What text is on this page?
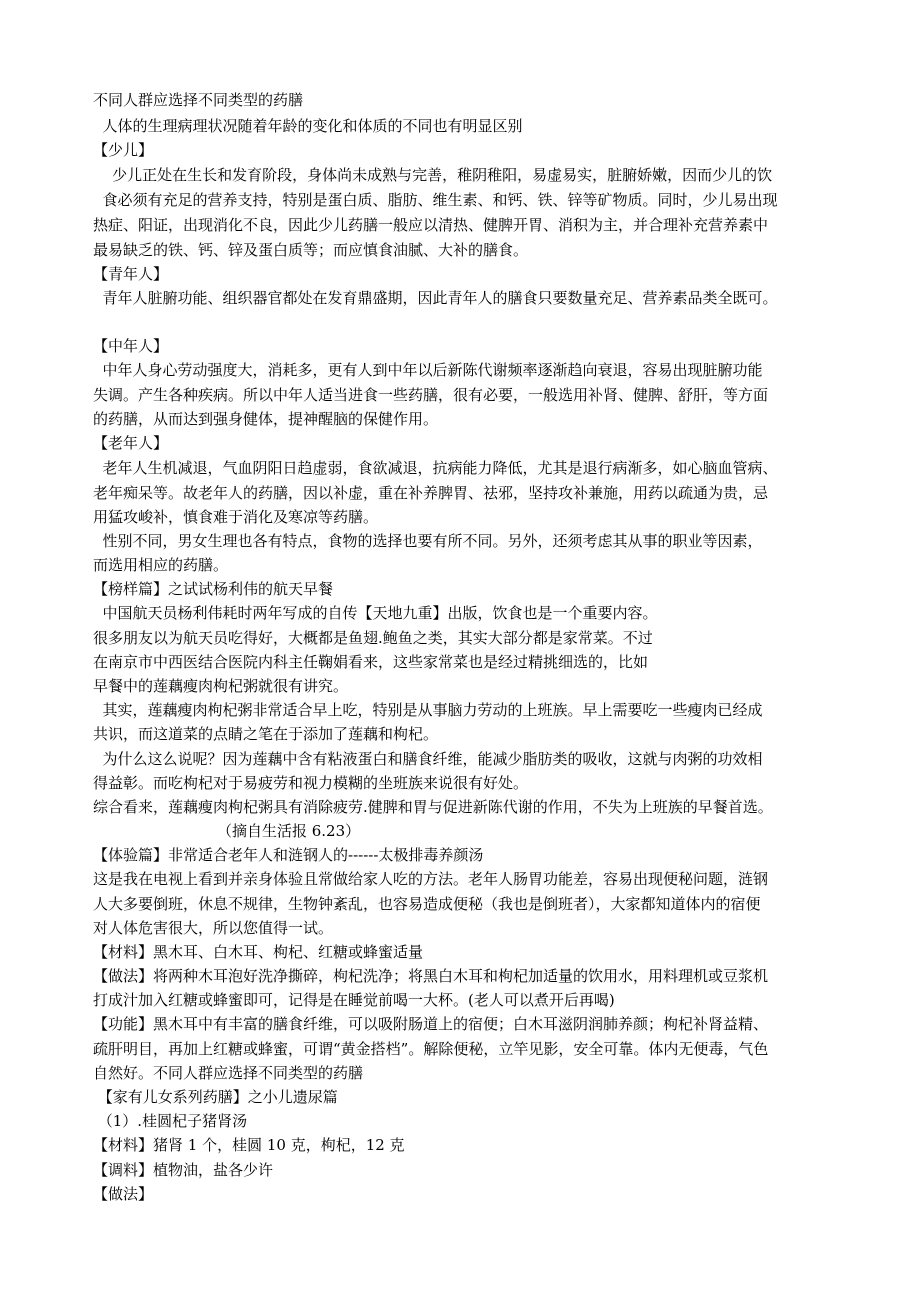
不同人群应选择不同类型的药膳
人体的生理病理状况随着年龄的变化和体质的不同也有明显区别
【少儿】
少儿正处在生长和发育阶段，身体尚未成熟与完善，稚阴稚阳，易虚易实，脏腑娇嫩，因而少儿的饮
食必须有充足的营养支持，特别是蛋白质、脂肪、维生素、和钙、铁、锌等矿物质。同时，少儿易出现
热症、阳证，出现消化不良，因此少儿药膳一般应以清热、健脾开胃、消积为主，并合理补充营养素中
最易缺乏的铁、钙、锌及蛋白质等；而应慎食油腻、大补的膳食。
【青年人】
青年人脏腑功能、组织器官都处在发育鼎盛期，因此青年人的膳食只要数量充足、营养素品类全既可。
【中年人】
中年人身心劳动强度大，消耗多，更有人到中年以后新陈代谢频率逐渐趋向衰退，容易出现脏腑功能
失调。产生各种疾病。所以中年人适当进食一些药膳，很有必要，一般选用补肾、健脾、舒肝，等方面
的药膳，从而达到强身健体，提神醒脑的保健作用。
【老年人】
老年人生机减退，气血阴阳日趋虚弱，食欲减退，抗病能力降低，尤其是退行病渐多，如心脑血管病、
老年痴呆等。故老年人的药膳，因以补虚，重在补养脾胃、祛邪，坚持攻补兼施，用药以疏通为贵，忌
用猛攻峻补，慎食难于消化及寒凉等药膳。
性别不同，男女生理也各有特点，食物的选择也要有所不同。另外，还须考虑其从事的职业等因素，
而选用相应的药膳。
【榜样篇】之试试杨利伟的航天早餐
中国航天员杨利伟耗时两年写成的自传【天地九重】出版，饮食也是一个重要内容。
很多朋友以为航天员吃得好，大概都是鱼翅.鲍鱼之类，其实大部分都是家常菜。不过
在南京市中西医结合医院内科主任鞠娟看来，这些家常菜也是经过精挑细选的，比如
早餐中的莲藕瘦肉枸杞粥就很有讲究。
其实，莲藕瘦肉枸杞粥非常适合早上吃，特别是从事脑力劳动的上班族。早上需要吃一些瘦肉已经成
共识，而这道菜的点睛之笔在于添加了莲藕和枸杞。
为什么这么说呢？因为莲藕中含有粘液蛋白和膳食纤维，能减少脂肪类的吸收，这就与肉粥的功效相
得益彰。而吃枸杞对于易疲劳和视力模糊的坐班族来说很有好处。
综合看来，莲藕瘦肉枸杞粥具有消除疲劳.健脾和胃与促进新陈代谢的作用，不失为上班族的早餐首选。
（摘自生活报 6.23）
【体验篇】非常适合老年人和涟钢人的------太极排毒养颜汤
这是我在电视上看到并亲身体验且常做给家人吃的方法。老年人肠胃功能差，容易出现便秘问题，涟钢
人大多要倒班，休息不规律，生物钟紊乱，也容易造成便秘（我也是倒班者），大家都知道体内的宿便
对人体危害很大，所以您值得一试。
【材料】黑木耳、白木耳、枸杞、红糖或蜂蜜适量
【做法】将两种木耳泡好洗净撕碎，枸杞洗净；将黑白木耳和枸杞加适量的饮用水，用料理机或豆浆机
打成汁加入红糖或蜂蜜即可，记得是在睡觉前喝一大杯。(老人可以煮开后再喝)
【功能】黑木耳中有丰富的膳食纤维，可以吸附肠道上的宿便；白木耳滋阴润肺养颜；枸杞补肾益精、
疏肝明目，再加上红糖或蜂蜜，可谓“黄金搭档”。解除便秘，立竿见影，安全可靠。体内无便毒，气色
自然好。不同人群应选择不同类型的药膳
【家有儿女系列药膳】之小儿遗尿篇
（1）.桂圆杞子猪肾汤
【材料】猪肾 1 个，桂圆 10 克，枸杞，12 克
【调料】植物油，盐各少许
【做法】
